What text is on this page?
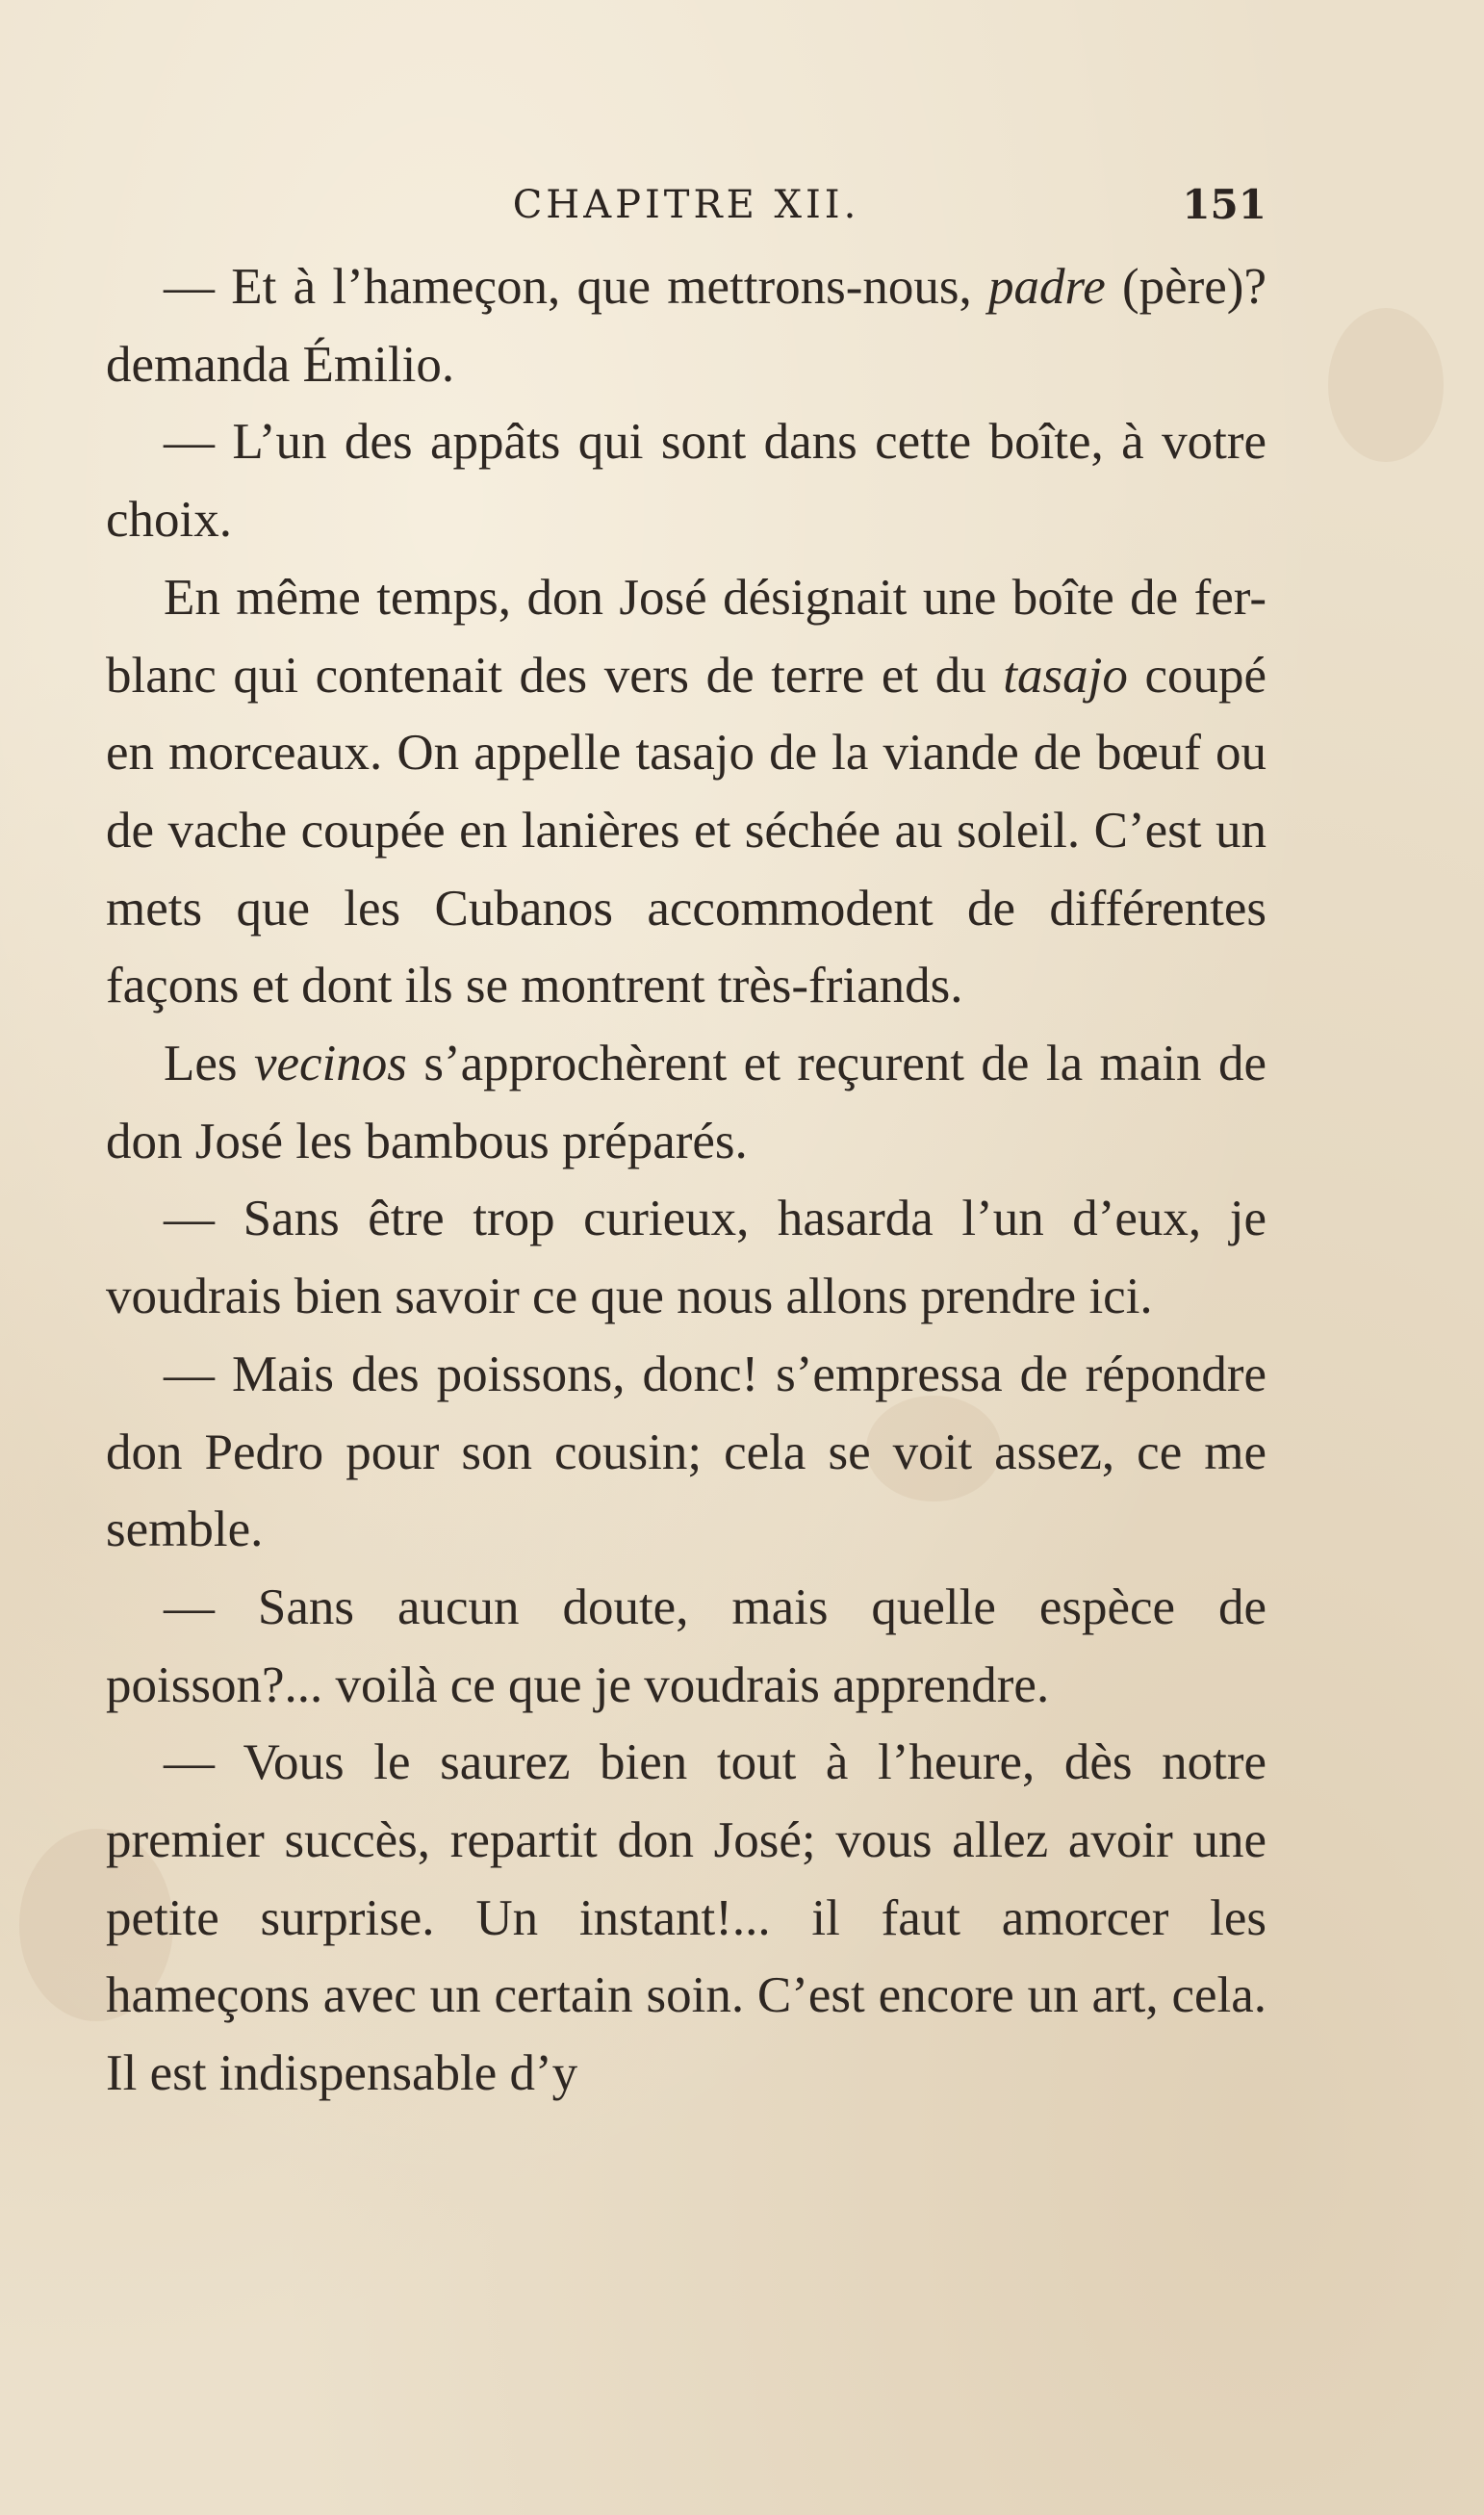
CHAPITRE XII.	151

— Et à l’hameçon, que mettrons-nous, padre (père)? demanda Émilio.

— L’un des appâts qui sont dans cette boîte, à votre choix.

En même temps, don José désignait une boîte de fer-blanc qui contenait des vers de terre et du tasajo coupé en morceaux. On appelle tasajo de la viande de bœuf ou de vache coupée en lanières et séchée au soleil. C’est un mets que les Cubanos accommodent de différentes façons et dont ils se montrent très-friands.

Les vecinos s’approchèrent et reçurent de la main de don José les bambous préparés.

— Sans être trop curieux, hasarda l’un d’eux, je voudrais bien savoir ce que nous allons prendre ici.

— Mais des poissons, donc! s’empressa de répondre don Pedro pour son cousin; cela se voit assez, ce me semble.

— Sans aucun doute, mais quelle espèce de poisson?... voilà ce que je voudrais apprendre.

— Vous le saurez bien tout à l’heure, dès notre premier succès, repartit don José; vous allez avoir une petite surprise. Un instant!... il faut amorcer les hameçons avec un certain soin. C’est encore un art, cela. Il est indispensable d’y
